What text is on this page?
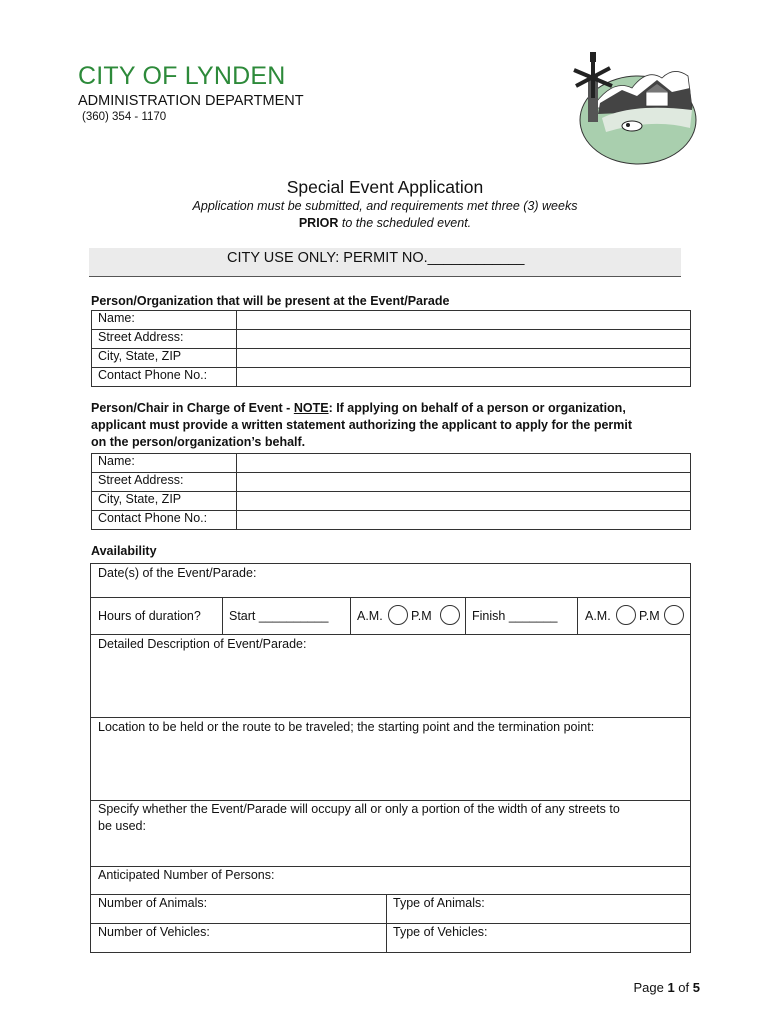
CITY OF LYNDEN
ADMINISTRATION DEPARTMENT
(360) 354 - 1170
Special Event Application
Application must be submitted, and requirements met three (3) weeks
PRIOR to the scheduled event.
CITY USE ONLY: PERMIT NO.____________
Person/Organization that will be present at the Event/Parade
Name:	
Street Address:	
City, State, ZIP	
Contact Phone No.:	
Person/Chair in Charge of Event - NOTE: If applying on behalf of a person or organization,
applicant must provide a written statement authorizing the applicant to apply for the permit
on the person/organization’s behalf.
Name:	
Street Address:	
City, State, ZIP	
Contact Phone No.:	
Availability
Date(s) of the Event/Parade:
Hours of duration? Start __________ A.M. P.M	Finish _______ A.M. P.M
Detailed Description of Event/Parade:
Location to be held or the route to be traveled; the starting point and the termination point:
Specify whether the Event/Parade will occupy all or only a portion of the width of any streets to
be used:
Anticipated Number of Persons:
Number of Animals:	Type of Animals:
Number of Vehicles:	Type of Vehicles:
Page 1 of 5
